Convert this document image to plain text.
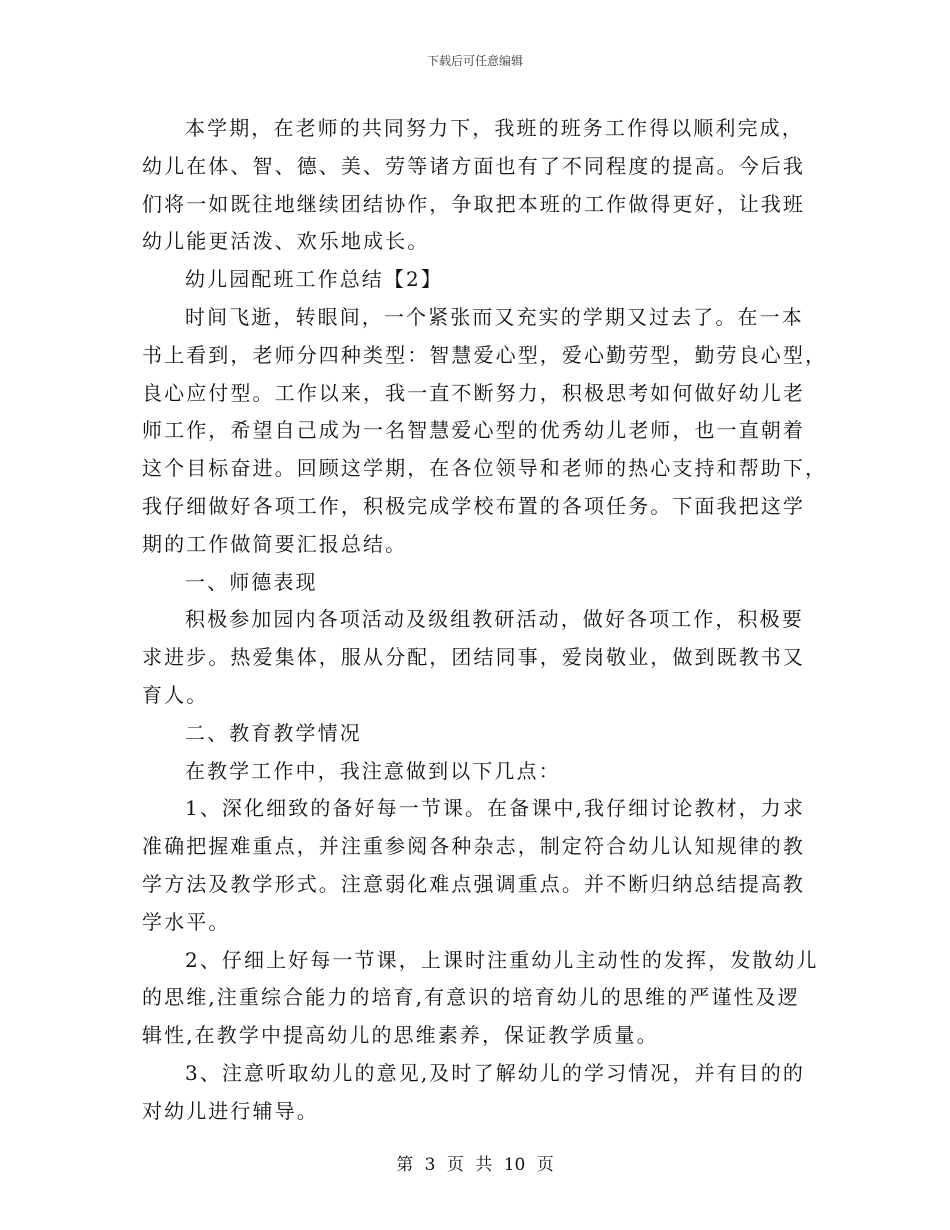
下载后可任意编辑
本学期，在老师的共同努力下，我班的班务工作得以顺利完成，
幼儿在体、智、德、美、劳等诸方面也有了不同程度的提高。今后我
们将一如既往地继续团结协作，争取把本班的工作做得更好，让我班
幼儿能更活泼、欢乐地成长。
幼儿园配班工作总结【2】
时间飞逝，转眼间，一个紧张而又充实的学期又过去了。在一本
书上看到，老师分四种类型：智慧爱心型，爱心勤劳型，勤劳良心型，
良心应付型。工作以来，我一直不断努力，积极思考如何做好幼儿老
师工作，希望自己成为一名智慧爱心型的优秀幼儿老师，也一直朝着
这个目标奋进。回顾这学期，在各位领导和老师的热心支持和帮助下，
我仔细做好各项工作，积极完成学校布置的各项任务。下面我把这学
期的工作做简要汇报总结。
一、师德表现
积极参加园内各项活动及级组教研活动，做好各项工作，积极要
求进步。热爱集体，服从分配，团结同事，爱岗敬业，做到既教书又
育人。
二、教育教学情况
在教学工作中，我注意做到以下几点：
1、深化细致的备好每一节课。在备课中,我仔细讨论教材，力求
准确把握难重点，并注重参阅各种杂志，制定符合幼儿认知规律的教
学方法及教学形式。注意弱化难点强调重点。并不断归纳总结提高教
学水平。
2、仔细上好每一节课，上课时注重幼儿主动性的发挥，发散幼儿
的思维,注重综合能力的培育,有意识的培育幼儿的思维的严谨性及逻
辑性,在教学中提高幼儿的思维素养，保证教学质量。
3、注意听取幼儿的意见,及时了解幼儿的学习情况，并有目的的
对幼儿进行辅导。
第 3 页 共 10 页
